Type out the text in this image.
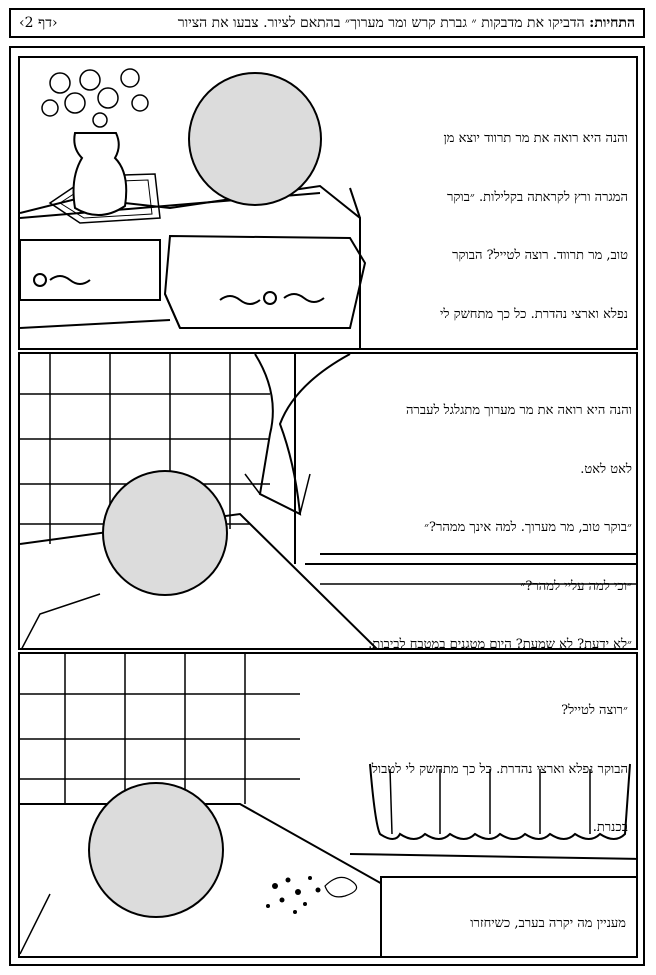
התחיות: הדביקו את מדבקות ״ גברת קרש ומר מערוך״ בהתאם לציור. צבעו את הציור
‹דף 2›

והנה היא רואה את מר תרווד יוצא מן

המגרה ורץ לקראתה בקלילות. ״בוקר

טוב, מר תרווד. רוצה לטייל? הבוקר

נפלא וארצי נהדרת. כל כך מתחשק לי

והנה היא רואה את מר מערוך מתגלגל לעברה

לאט לאט.

״בוקר טוב, מר מערוך. למה אינך ממהר?״

״וכי למה עליי למהר?״

״לא ידעת? לא שמעת? היום מטגנים במטבח לביבות.

״רוצה לטייל?

הבוקר נפלא וארצי נהדרת. כל כך מתחשק לי לטבול

בכנרת.

מעניין מה יקרה בערב, כשיחזרו
